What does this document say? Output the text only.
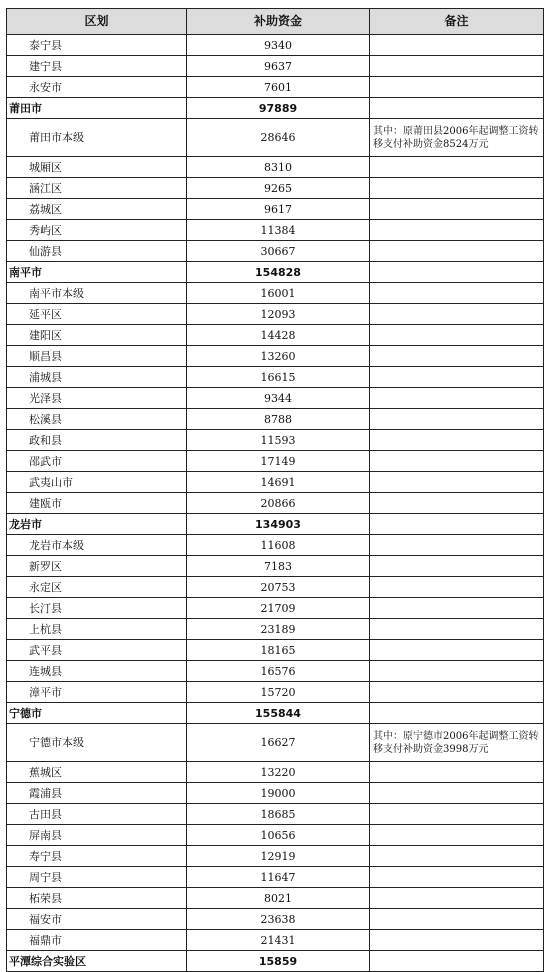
区划	补助资金	备注
泰宁县	9340	
建宁县	9637	
永安市	7601	
莆田市	97889	
莆田市本级	28646	其中：原莆田县2006年起调整工资转移支付补助资金8524万元
城厢区	8310	
涵江区	9265	
荔城区	9617	
秀屿区	11384	
仙游县	30667	
南平市	154828	
南平市本级	16001	
延平区	12093	
建阳区	14428	
顺昌县	13260	
浦城县	16615	
光泽县	9344	
松溪县	8788	
政和县	11593	
邵武市	17149	
武夷山市	14691	
建瓯市	20866	
龙岩市	134903	
龙岩市本级	11608	
新罗区	7183	
永定区	20753	
长汀县	21709	
上杭县	23189	
武平县	18165	
连城县	16576	
漳平市	15720	
宁德市	155844	
宁德市本级	16627	其中：原宁德市2006年起调整工资转移支付补助资金3998万元
蕉城区	13220	
霞浦县	19000	
古田县	18685	
屏南县	10656	
寿宁县	12919	
周宁县	11647	
柘荣县	8021	
福安市	23638	
福鼎市	21431	
平潭综合实验区	15859	
